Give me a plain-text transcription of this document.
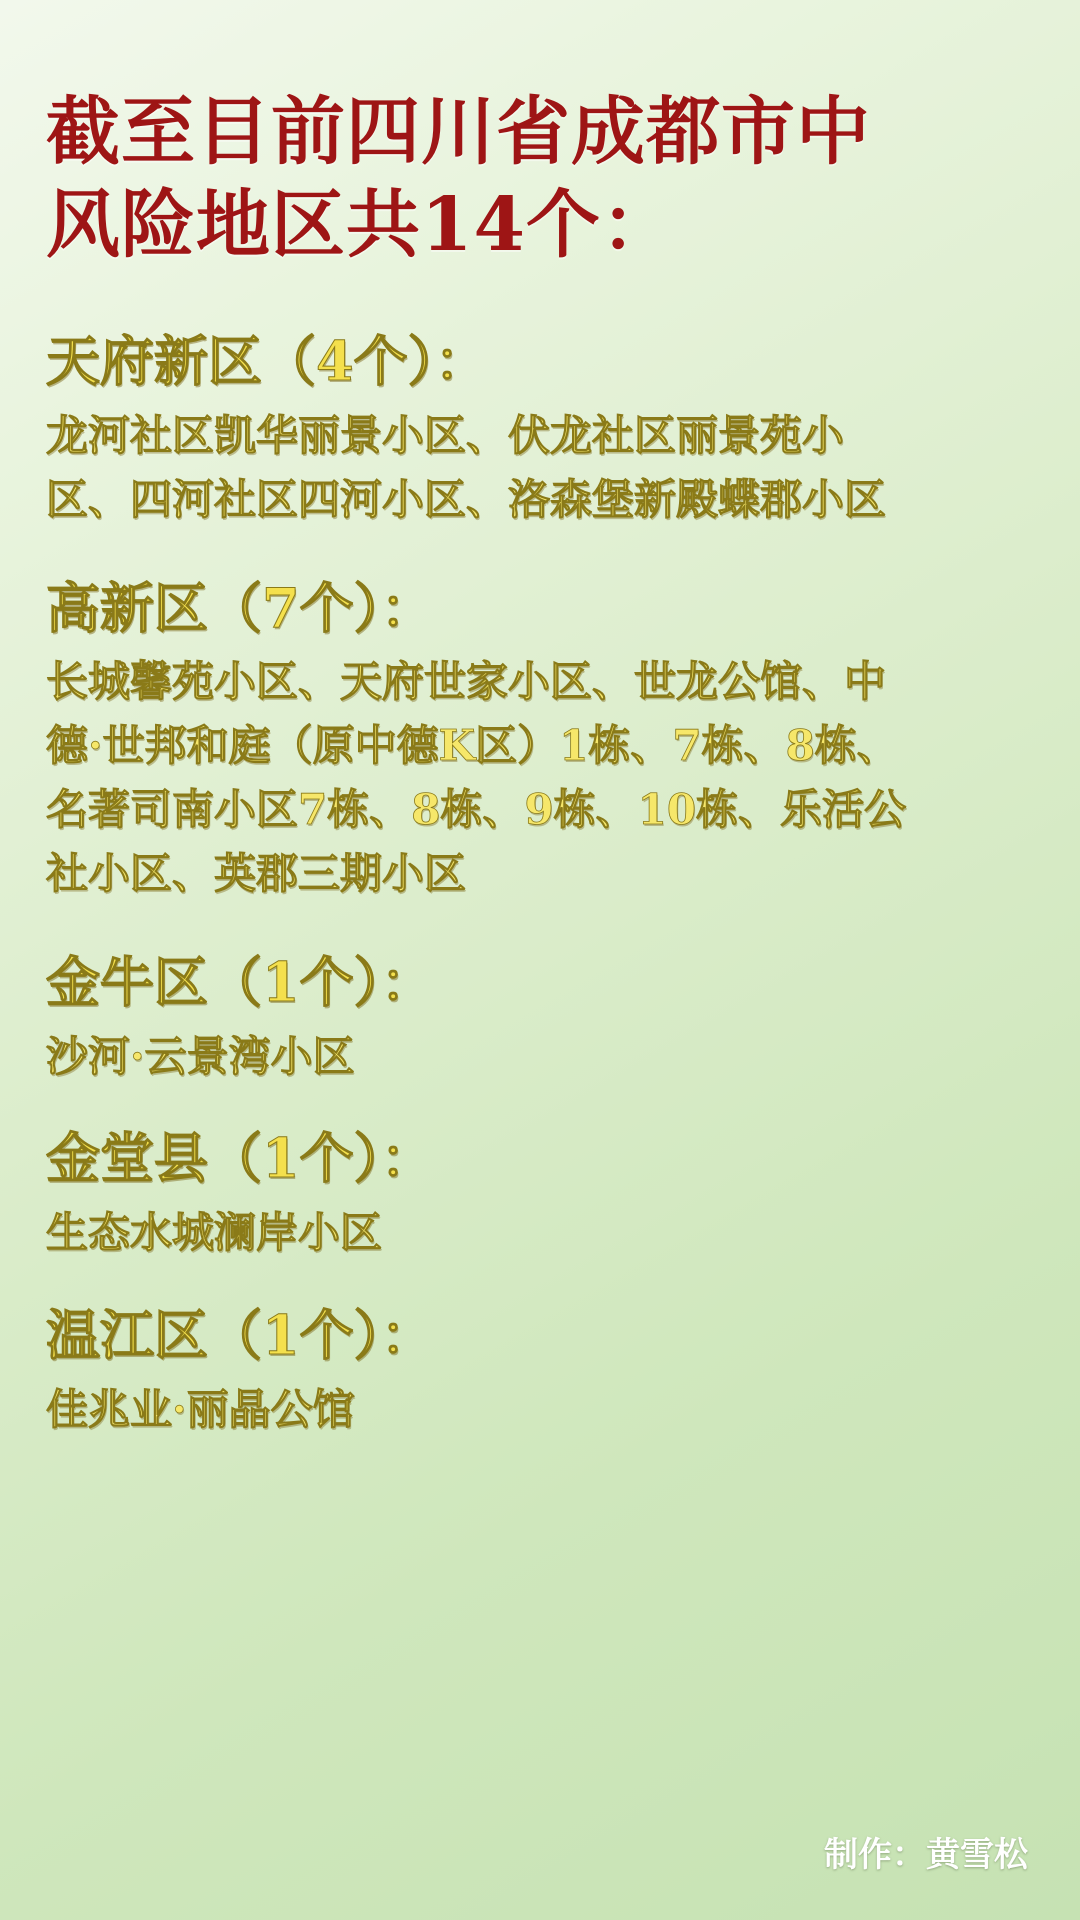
截至目前四川省成都市中风险地区共14个：
天府新区（4个）：

龙河社区凯华丽景小区、伏龙社区丽景苑小区、四河社区四河小区、洛森堡新殿蝶郡小区

高新区（7个）：

长城馨苑小区、天府世家小区、世龙公馆、中德·世邦和庭（原中德K区）1栋、7栋、8栋、名著司南小区7栋、8栋、9栋、10栋、乐活公社小区、英郡三期小区

金牛区（1个）：

沙河·云景湾小区

金堂县（1个）：

生态水城澜岸小区

温江区（1个）：

佳兆业·丽晶公馆

制作：黄雪松
